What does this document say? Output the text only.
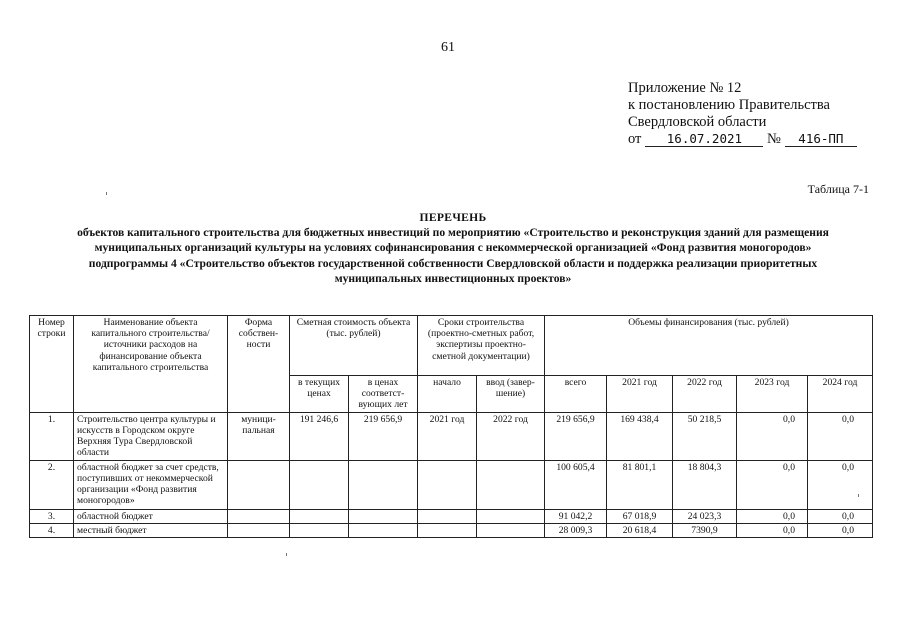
61
Приложение № 12
к постановлению Правительства
Свердловской области
от 16.07.2021 № 416-ПП
Таблица 7-1
ПЕРЕЧЕНЬ
объектов капитального строительства для бюджетных инвестиций по мероприятию «Строительство и реконструкция зданий для размещения
муниципальных организаций культуры на условиях софинансирования с некоммерческой организацией «Фонд развития моногородов»
подпрограммы 4 «Строительство объектов государственной собственности Свердловской области и поддержка реализации приоритетных
муниципальных инвестиционных проектов»
Номер строки	Наименование объекта капитального строительства/ источники расходов на финансирование объекта капитального строительства	Форма собствен- ности	Сметная стоимость объекта (тыс. рублей)		Сроки строительства (проектно-сметных работ, экспертизы проектно-сметной документации)		Объемы финансирования (тыс. рублей)				
			в текущих ценах	в ценах соответст- вующих лет	начало	ввод (завер- шение)	всего	2021 год	2022 год	2023 год	2024 год
1.	Строительство центра культуры и искусств в Городском округе Верхняя Тура Свердловской области	муници- пальная	191 246,6	219 656,9	2021 год	2022 год	219 656,9	169 438,4	50 218,5	0,0	0,0
2.	областной бюджет за счет средств, поступивших от некоммерческой организации «Фонд развития моногородов»						100 605,4	81 801,1	18 804,3	0,0	0,0
3.	областной бюджет						91 042,2	67 018,9	24 023,3	0,0	0,0
4.	местный бюджет						28 009,3	20 618,4	7390,9	0,0	0,0
